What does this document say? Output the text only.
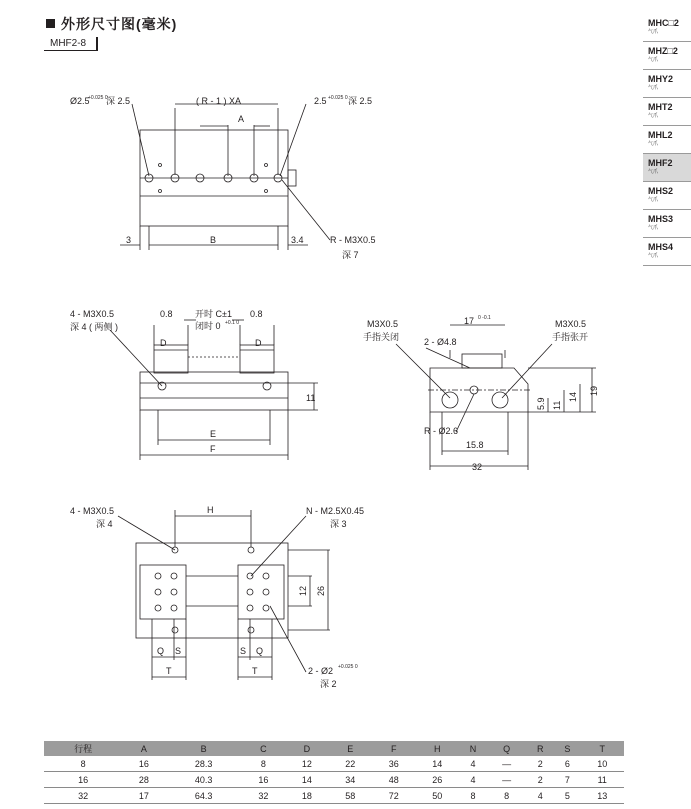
外形尺寸图(毫米)
MHF2-8
MHC□2
气爪
MHZ□2
气爪
MHY2
气爪
MHT2
气爪
MHL2
气爪
MHF2
气爪
MHS2
气爪
MHS3
气爪
MHS4
气爪
Ø2.5
+0.025 0
深 2.5	( R - 1 ) XA	2.5 +0.025 0 深 2.5
A
3	B	3.4	R - M3X0.5
深 7
4 - M3X0.5
深 4 ( 两侧 )
0.8 开时 C±1
闭时 0 +0.1 0
0.8
D	D
11
E
F
M3X0.5
手指关闭
M3X0.5
手指张开
17 0 -0.1
2 - Ø4.8
R - Ø2.6
15.8
32
5.9 11
14
19
4 - M3X0.5
深 4
H	N - M2.5X0.45
深 3
12 26
Q S	S Q
T	T	2 - Ø2 +0.025 0
深 2
行程	A	B	C	D	E	F	H	N	Q	R	S	T
8	16	28.3	8	12	22	36	14	4	—	2	6	10
16	28	40.3	16	14	34	48	26	4	—	2	7	11
32	17	64.3	32	18	58	72	50	8	8	4	5	13
